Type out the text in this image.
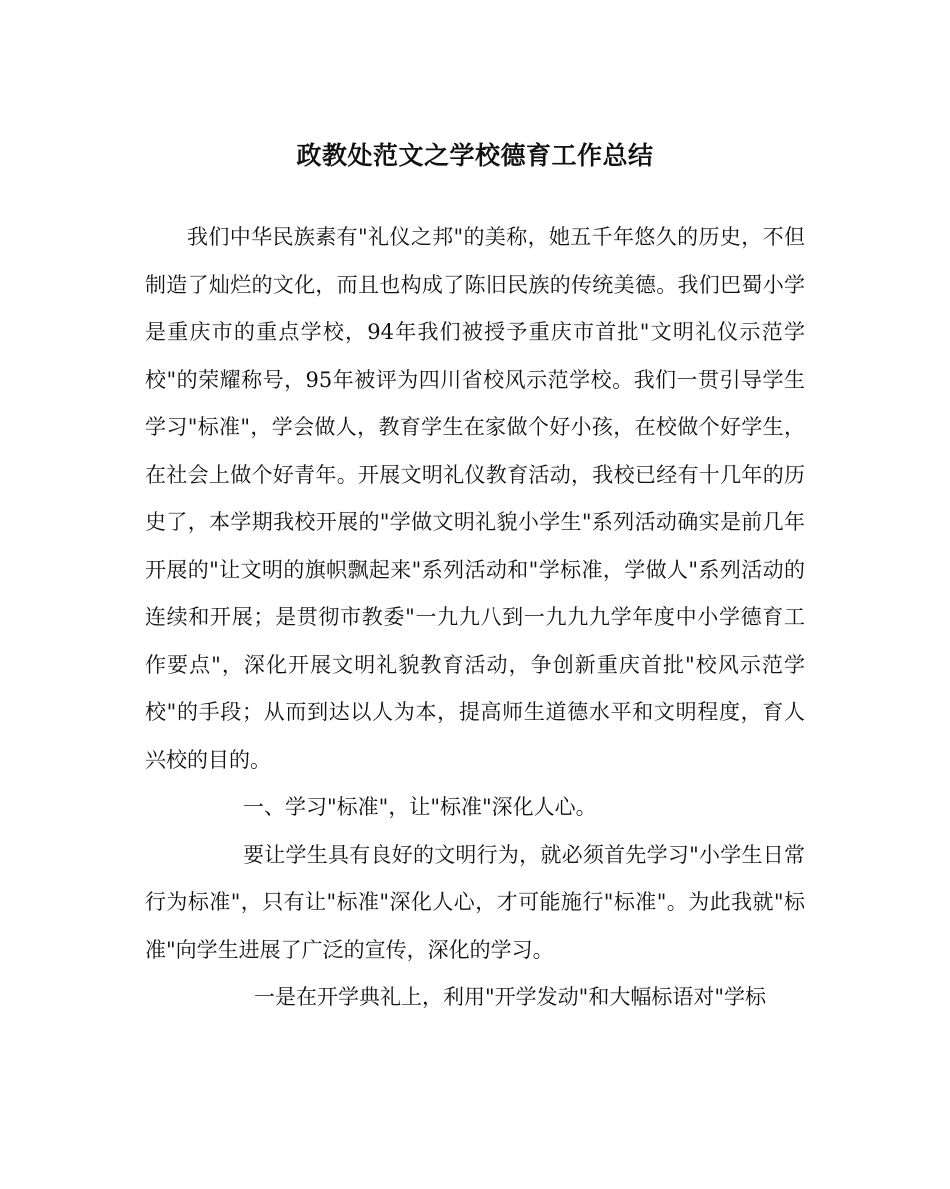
政教处范文之学校德育工作总结

我们中华民族素有"礼仪之邦"的美称，她五千年悠久的历史，不但制造了灿烂的文化，而且也构成了陈旧民族的传统美德。我们巴蜀小学是重庆市的重点学校，94年我们被授予重庆市首批"文明礼仪示范学校"的荣耀称号，95年被评为四川省校风示范学校。我们一贯引导学生学习"标准"，学会做人，教育学生在家做个好小孩，在校做个好学生，在社会上做个好青年。开展文明礼仪教育活动，我校已经有十几年的历史了，本学期我校开展的"学做文明礼貌小学生"系列活动确实是前几年开展的"让文明的旗帜飘起来"系列活动和"学标准，学做人"系列活动的连续和开展；是贯彻市教委"一九九八到一九九九学年度中小学德育工作要点"，深化开展文明礼貌教育活动，争创新重庆首批"校风示范学校"的手段；从而到达以人为本，提高师生道德水平和文明程度，育人兴校的目的。

一、学习"标准"，让"标准"深化人心。

要让学生具有良好的文明行为，就必须首先学习"小学生日常行为标准"，只有让"标准"深化人心，才可能施行"标准"。为此我就"标准"向学生进展了广泛的宣传，深化的学习。

一是在开学典礼上，利用"开学发动"和大幅标语对"学标
